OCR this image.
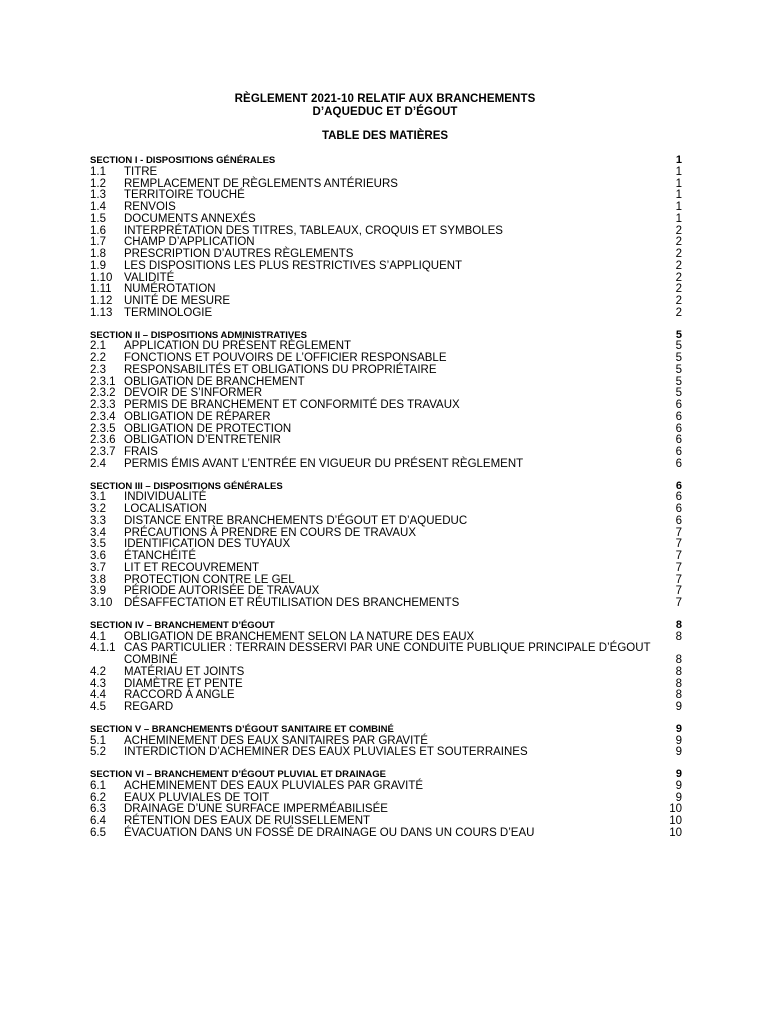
RÈGLEMENT 2021-10 RELATIF AUX BRANCHEMENTS
D’AQUEDUC ET D’ÉGOUT
TABLE DES MATIÈRES
SECTION I - DISPOSITIONS GÉNÉRALES	1
1.1 TITRE	1
1.2 REMPLACEMENT DE RÈGLEMENTS ANTÉRIEURS	1
1.3 TERRITOIRE TOUCHÉ	1
1.4 RENVOIS	1
1.5 DOCUMENTS ANNEXÉS	1
1.6 INTERPRÉTATION DES TITRES, TABLEAUX, CROQUIS ET SYMBOLES	2
1.7 CHAMP D’APPLICATION	2
1.8 PRESCRIPTION D’AUTRES RÈGLEMENTS	2
1.9 LES DISPOSITIONS LES PLUS RESTRICTIVES S’APPLIQUENT	2
1.10 VALIDITÉ	2
1.11 NUMÉROTATION	2
1.12 UNITÉ DE MESURE	2
1.13 TERMINOLOGIE	2
SECTION II – DISPOSITIONS ADMINISTRATIVES	5
2.1 APPLICATION DU PRÉSENT RÈGLEMENT	5
2.2 FONCTIONS ET POUVOIRS DE L’OFFICIER RESPONSABLE	5
2.3 RESPONSABILITÉS ET OBLIGATIONS DU PROPRIÉTAIRE	5
2.3.1 OBLIGATION DE BRANCHEMENT	5
2.3.2 DEVOIR DE S’INFORMER	5
2.3.3 PERMIS DE BRANCHEMENT ET CONFORMITÉ DES TRAVAUX	6
2.3.4 OBLIGATION DE RÉPARER	6
2.3.5 OBLIGATION DE PROTECTION	6
2.3.6 OBLIGATION D’ENTRETENIR	6
2.3.7 FRAIS	6
2.4 PERMIS ÉMIS AVANT L’ENTRÉE EN VIGUEUR DU PRÉSENT RÈGLEMENT	6
SECTION III – DISPOSITIONS GÉNÉRALES	6
3.1 INDIVIDUALITÉ	6
3.2 LOCALISATION	6
3.3 DISTANCE ENTRE BRANCHEMENTS D’ÉGOUT ET D’AQUEDUC	6
3.4 PRÉCAUTIONS À PRENDRE EN COURS DE TRAVAUX	7
3.5 IDENTIFICATION DES TUYAUX	7
3.6 ÉTANCHÉITÉ	7
3.7 LIT ET RECOUVREMENT	7
3.8 PROTECTION CONTRE LE GEL	7
3.9 PÉRIODE AUTORISÉE DE TRAVAUX	7
3.10 DÉSAFFECTATION ET RÉUTILISATION DES BRANCHEMENTS	7
SECTION IV – BRANCHEMENT D’ÉGOUT	8
4.1 OBLIGATION DE BRANCHEMENT SELON LA NATURE DES EAUX	8
4.1.1 CAS PARTICULIER : TERRAIN DESSERVI PAR UNE CONDUITE PUBLIQUE PRINCIPALE D’ÉGOUT COMBINÉ	8
4.2 MATÉRIAU ET JOINTS	8
4.3 DIAMÈTRE ET PENTE	8
4.4 RACCORD À ANGLE	8
4.5 REGARD	9
SECTION V – BRANCHEMENTS D’ÉGOUT SANITAIRE ET COMBINÉ	9
5.1 ACHEMINEMENT DES EAUX SANITAIRES PAR GRAVITÉ	9
5.2 INTERDICTION D’ACHEMINER DES EAUX PLUVIALES ET SOUTERRAINES	9
SECTION VI – BRANCHEMENT D’ÉGOUT PLUVIAL ET DRAINAGE	9
6.1 ACHEMINEMENT DES EAUX PLUVIALES PAR GRAVITÉ	9
6.2 EAUX PLUVIALES DE TOIT	9
6.3 DRAINAGE D’UNE SURFACE IMPERMÉABILISÉE	10
6.4 RÉTENTION DES EAUX DE RUISSELLEMENT	10
6.5 ÉVACUATION DANS UN FOSSÉ DE DRAINAGE OU DANS UN COURS D’EAU	10
